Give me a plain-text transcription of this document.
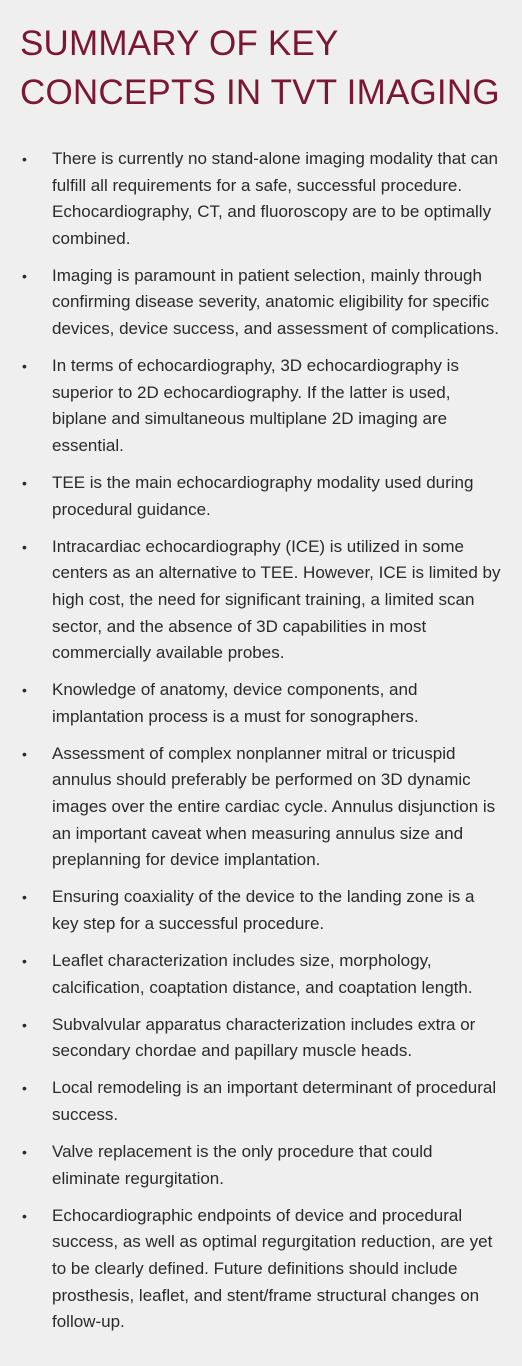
SUMMARY OF KEY
CONCEPTS IN TVT IMAGING
• There is currently no stand-alone imaging modality that can fulfill all requirements for a safe, successful procedure. Echocardiography, CT, and fluoroscopy are to be optimally combined.
• Imaging is paramount in patient selection, mainly through confirming disease severity, anatomic eligibility for specific devices, device success, and assessment of complications.
• In terms of echocardiography, 3D echocardiography is superior to 2D echocardiography. If the latter is used, biplane and simultaneous multiplane 2D imaging are essential.
• TEE is the main echocardiography modality used during procedural guidance.
• Intracardiac echocardiography (ICE) is utilized in some centers as an alternative to TEE. However, ICE is limited by high cost, the need for significant training, a limited scan sector, and the absence of 3D capabilities in most commercially available probes.
• Knowledge of anatomy, device components, and implantation process is a must for sonographers.
• Assessment of complex nonplanner mitral or tricuspid annulus should preferably be performed on 3D dynamic images over the entire cardiac cycle. Annulus disjunction is an important caveat when measuring annulus size and preplanning for device implantation.
• Ensuring coaxiality of the device to the landing zone is a key step for a successful procedure.
• Leaflet characterization includes size, morphology, calcification, coaptation distance, and coaptation length.
• Subvalvular apparatus characterization includes extra or secondary chordae and papillary muscle heads.
• Local remodeling is an important determinant of procedural success.
• Valve replacement is the only procedure that could eliminate regurgitation.
• Echocardiographic endpoints of device and procedural success, as well as optimal regurgitation reduction, are yet to be clearly defined. Future definitions should include prosthesis, leaflet, and stent/frame structural changes on follow-up.
